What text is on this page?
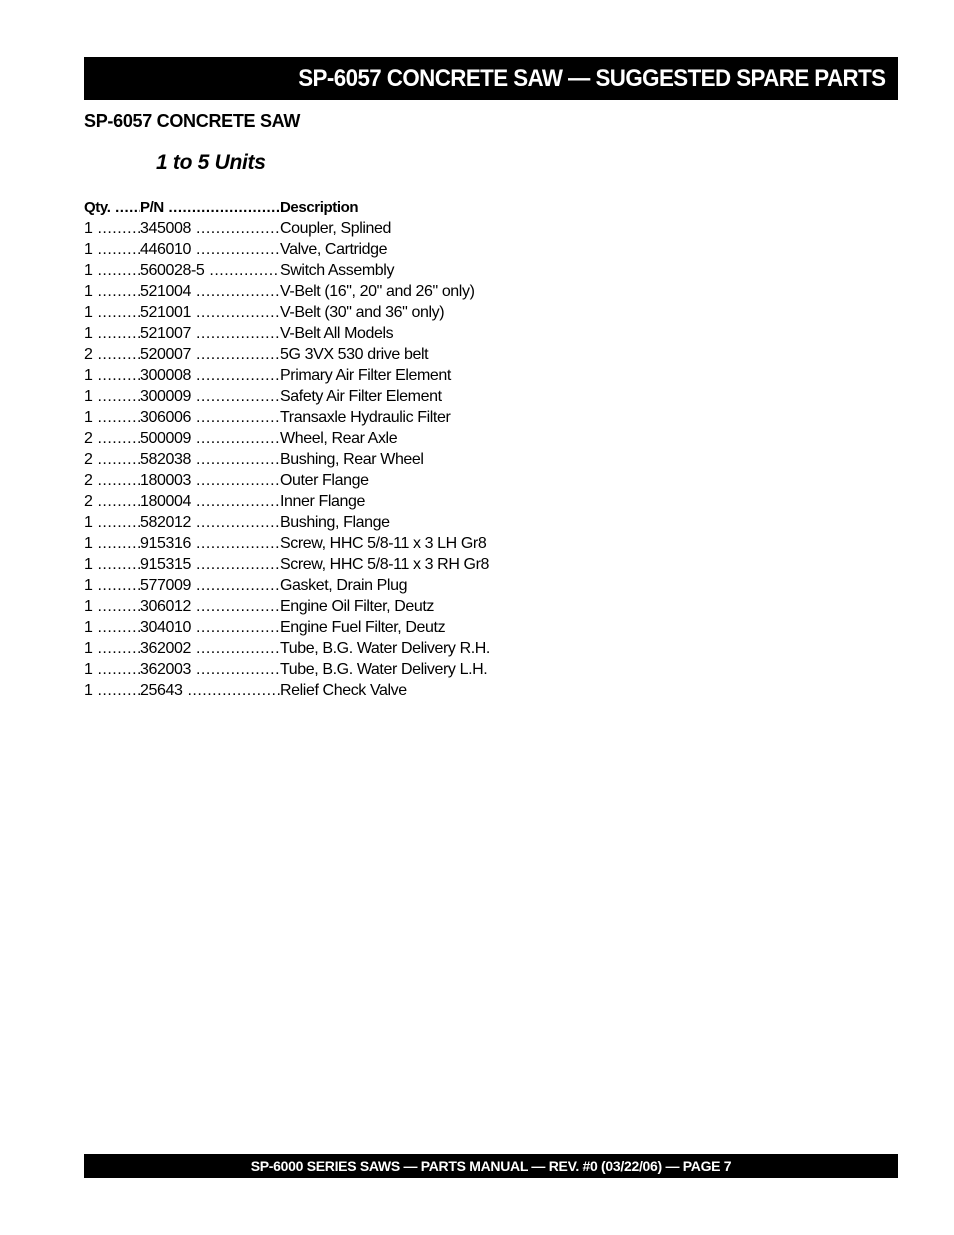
SP-6057 CONCRETE SAW — SUGGESTED SPARE PARTS
SP-6057 CONCRETE SAW
1 to 5 Units
Qty. .....	P/N .....	Description
1 .....	345008 .....	Coupler, Splined
1 .....	446010 .....	Valve, Cartridge
1 .....	560028-5 .....	Switch Assembly
1 .....	521004 .....	V-Belt (16", 20" and 26" only)
1 .....	521001 .....	V-Belt (30" and 36" only)
1 .....	521007 .....	V-Belt All Models
2 .....	520007 .....	5G 3VX 530 drive belt
1 .....	300008 .....	Primary Air Filter Element
1 .....	300009 .....	Safety Air Filter Element
1 .....	306006 .....	Transaxle Hydraulic Filter
2 .....	500009 .....	Wheel, Rear Axle
2 .....	582038 .....	Bushing, Rear Wheel
2 .....	180003 .....	Outer Flange
2 .....	180004 .....	Inner Flange
1 .....	582012 .....	Bushing, Flange
1 .....	915316 .....	Screw, HHC 5/8-11 x 3 LH Gr8
1 .....	915315 .....	Screw, HHC 5/8-11 x 3 RH Gr8
1 .....	577009 .....	Gasket, Drain Plug
1 .....	306012 .....	Engine Oil Filter, Deutz
1 .....	304010 .....	Engine Fuel Filter, Deutz
1 .....	362002 .....	Tube, B.G. Water Delivery R.H.
1 .....	362003 .....	Tube, B.G. Water Delivery L.H.
1 .....	25643 .....	Relief Check Valve
SP-6000 SERIES SAWS — PARTS MANUAL — REV. #0 (03/22/06) — PAGE 7
